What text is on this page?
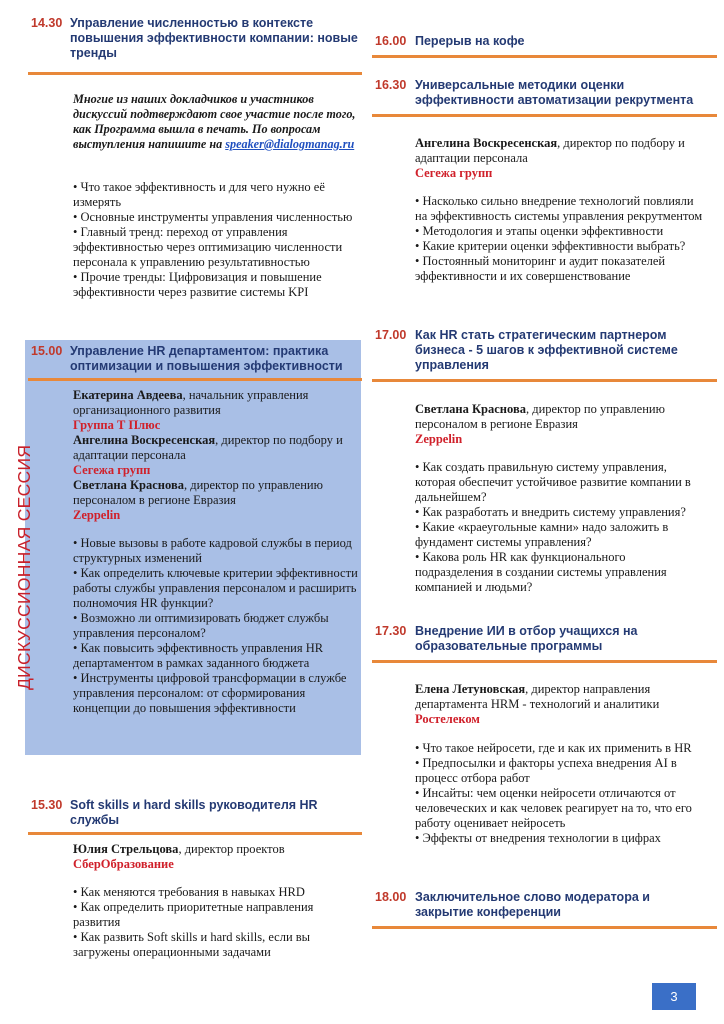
14.30 Управление численностью в контексте повышения эффективности компании: новые тренды
Многие из наших докладчиков и участников дискуссий подтверждают свое участие после того, как Программа вышла в печать. По вопросам выступления напишите на speaker@dialogmanag.ru
• Что такое эффективность и для чего нужно её измерять
• Основные инструменты управления численностью
• Главный тренд: переход от управления эффективностью через оптимизацию численности персонала к управлению результативностью
• Прочие тренды: Цифровизация и повышение эффективности через развитие системы KPI
15.00 Управление HR департаментом: практика оптимизации и повышения эффективности
ДИСКУССИОННАЯ СЕССИЯ
Екатерина Авдеева, начальник управления организационного развития
Группа Т Плюс
Ангелина Воскресенская, директор по подбору и адаптации персонала
Сегежа групп
Светлана Краснова, директор по управлению персоналом в регионе Евразия
Zeppelin
• Новые вызовы в работе кадровой службы в период структурных изменений
• Как определить ключевые критерии эффективности работы службы управления персоналом и расширить полномочия HR функции?
• Возможно ли оптимизировать бюджет службы управления персоналом?
• Как повысить эффективность управления HR департаментом в рамках заданного бюджета
• Инструменты цифровой трансформации в службе управления персоналом: от сформирования концепции до повышения эффективности
15.30 Soft skills и hard skills руководителя HR службы
Юлия Стрельцова, директор проектов
СберОбразование
• Как меняются требования в навыках HRD
• Как определить приоритетные направления развития
• Как развить Soft skills и hard skills, если вы загружены операционными задачами
16.00 Перерыв на кофе
16.30 Универсальные методики оценки эффективности автоматизации рекрутмента
Ангелина Воскресенская, директор по подбору и адаптации персонала
Сегежа групп
• Насколько сильно внедрение технологий повлияли на эффективность системы управления рекрутментом
• Методология и этапы оценки эффективности
• Какие критерии оценки эффективности выбрать?
• Постоянный мониторинг и аудит показателей эффективности и их совершенствование
17.00 Как HR стать стратегическим партнером бизнеса - 5 шагов к эффективной системе управления
Светлана Краснова, директор по управлению персоналом в регионе Евразия
Zeppelin
• Как создать правильную систему управления, которая обеспечит устойчивое развитие компании в дальнейшем?
• Как разработать и внедрить систему управления?
• Какие «краеугольные камни» надо заложить в фундамент системы управления?
• Какова роль HR как функционального подразделения в создании системы управления компанией и людьми?
17.30 Внедрение ИИ в отбор учащихся на образовательные программы
Елена Летуновская, директор направления департамента HRM - технологий и аналитики
Ростелеком
• Что такое нейросети, где и как их применить в HR
• Предпосылки и факторы успеха внедрения AI в процесс отбора работ
• Инсайты: чем оценки нейросети отличаются от человеческих и как человек реагирует на то, что его работу оценивает нейросеть
• Эффекты от внедрения технологии в цифрах
18.00 Заключительное слово модератора и закрытие конференции
3
